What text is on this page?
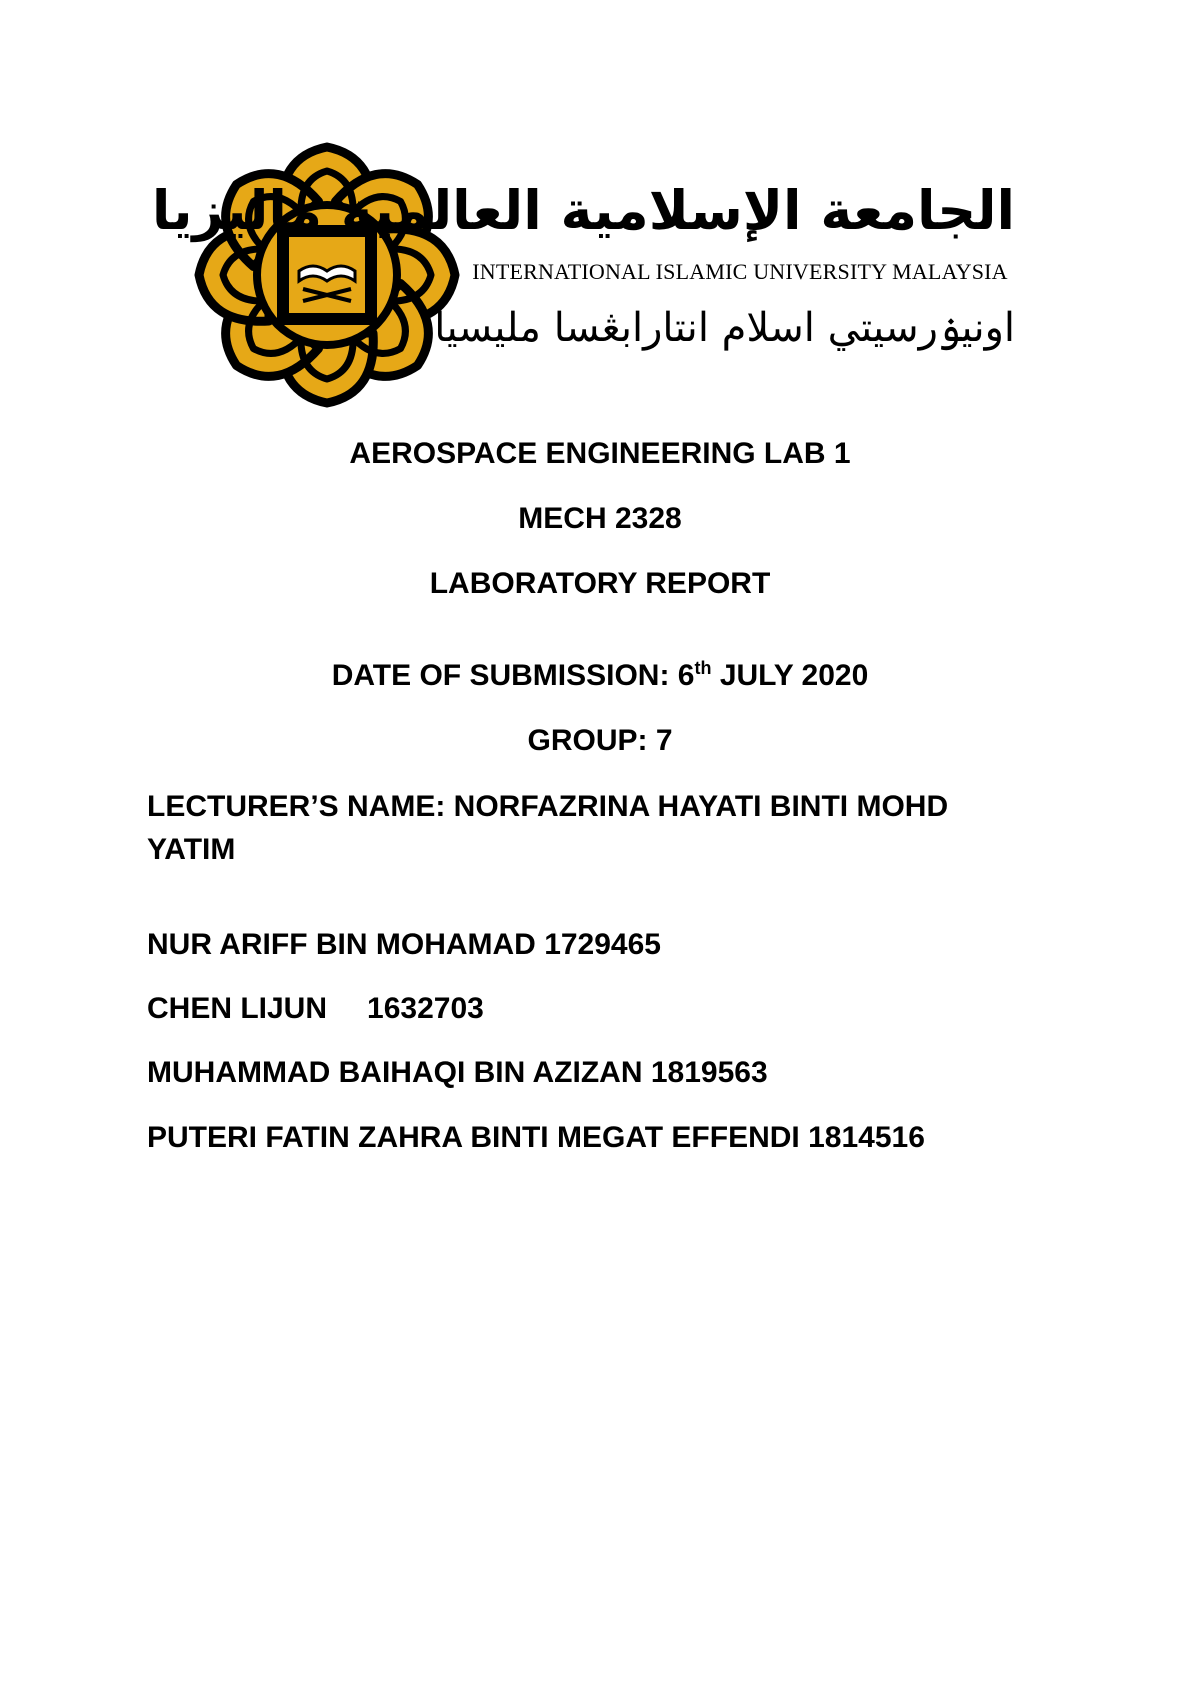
الجامعة الإسلامية العالمية ماليزيا
INTERNATIONAL ISLAMIC UNIVERSITY MALAYSIA
اونيۏرسيتي اسلام انتارابڠسا مليسيا
AEROSPACE ENGINEERING LAB 1
MECH 2328
LABORATORY REPORT
DATE OF SUBMISSION: 6th JULY 2020
GROUP: 7
LECTURER’S NAME: NORFAZRINA HAYATI BINTI MOHD YATIM
NUR ARIFF BIN MOHAMAD 1729465
CHEN LIJUN 1632703
MUHAMMAD BAIHAQI BIN AZIZAN 1819563
PUTERI FATIN ZAHRA BINTI MEGAT EFFENDI 1814516
